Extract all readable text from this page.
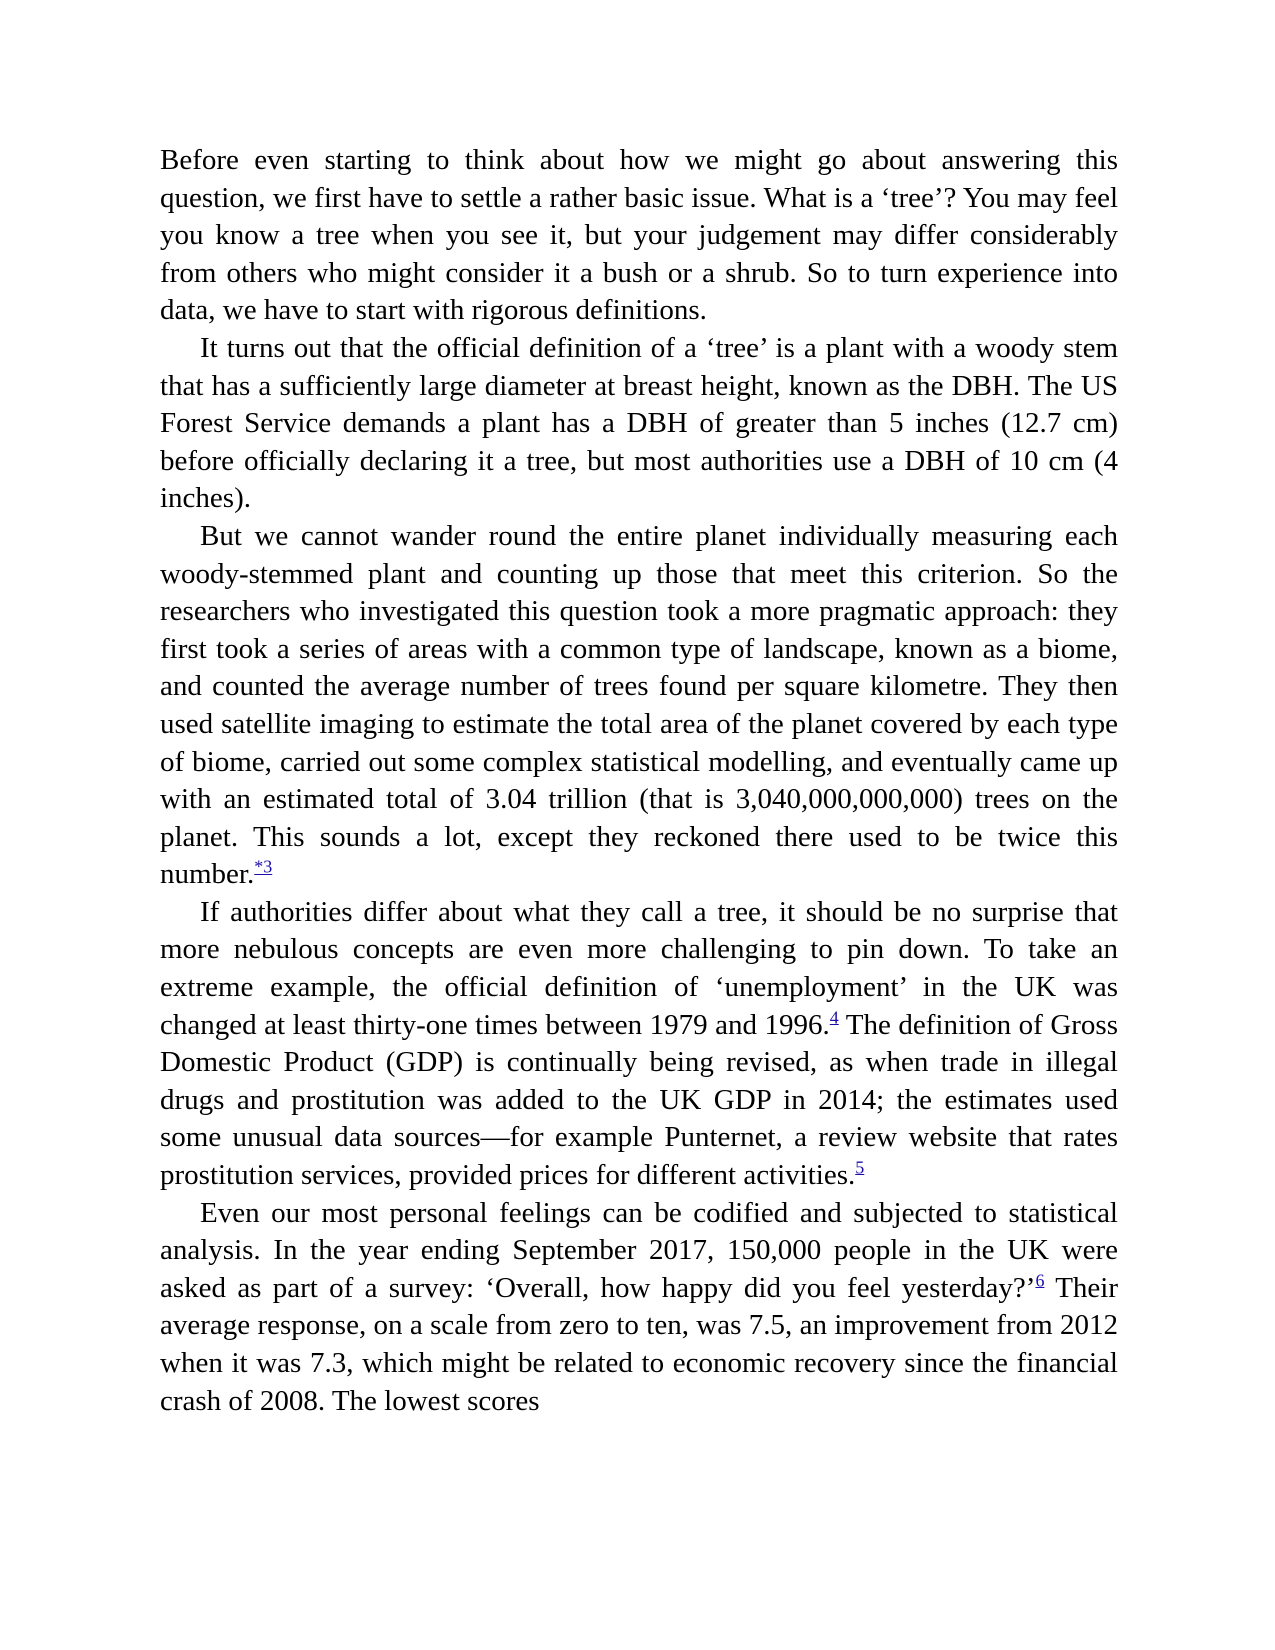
Before even starting to think about how we might go about answering this question, we first have to settle a rather basic issue. What is a ‘tree’? You may feel you know a tree when you see it, but your judgement may differ considerably from others who might consider it a bush or a shrub. So to turn experience into data, we have to start with rigorous definitions.

It turns out that the official definition of a ‘tree’ is a plant with a woody stem that has a sufficiently large diameter at breast height, known as the DBH. The US Forest Service demands a plant has a DBH of greater than 5 inches (12.7 cm) before officially declaring it a tree, but most authorities use a DBH of 10 cm (4 inches).

But we cannot wander round the entire planet individually measuring each woody-stemmed plant and counting up those that meet this criterion. So the researchers who investigated this question took a more pragmatic approach: they first took a series of areas with a common type of landscape, known as a biome, and counted the average number of trees found per square kilometre. They then used satellite imaging to estimate the total area of the planet covered by each type of biome, carried out some complex statistical modelling, and eventually came up with an estimated total of 3.04 trillion (that is 3,040,000,000,000) trees on the planet. This sounds a lot, except they reckoned there used to be twice this number.$^{*3}$

If authorities differ about what they call a tree, it should be no surprise that more nebulous concepts are even more challenging to pin down. To take an extreme example, the official definition of ‘unemployment’ in the UK was changed at least thirty-one times between 1979 and 1996.$^4$ The definition of Gross Domestic Product (GDP) is continually being revised, as when trade in illegal drugs and prostitution was added to the UK GDP in 2014; the estimates used some unusual data sources—for example Punternet, a review website that rates prostitution services, provided prices for different activities.$^5$

Even our most personal feelings can be codified and subjected to statistical analysis. In the year ending September 2017, 150,000 people in the UK were asked as part of a survey: ‘Overall, how happy did you feel yesterday?’$^6$ Their average response, on a scale from zero to ten, was 7.5, an improvement from 2012 when it was 7.3, which might be related to economic recovery since the financial crash of 2008. The lowest scores
